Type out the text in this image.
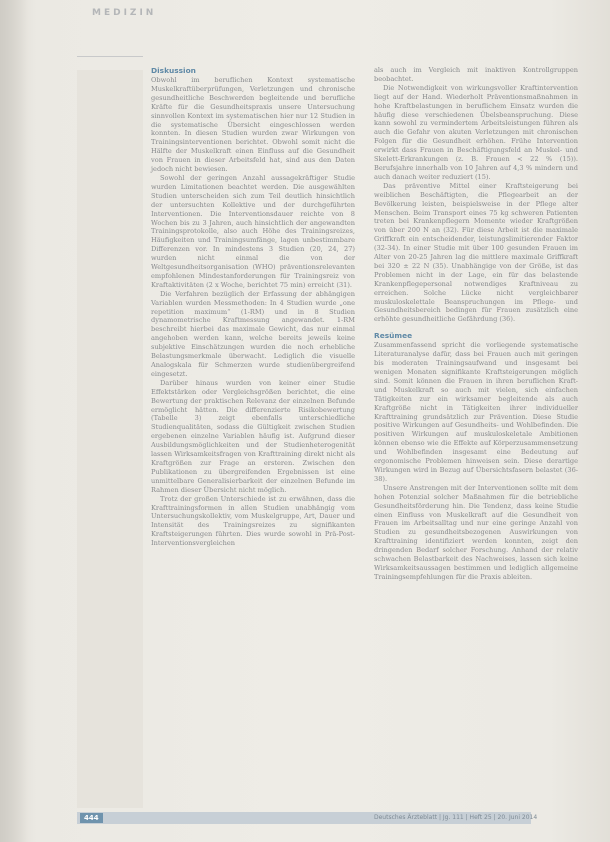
MEDIZIN
Diskussion

Obwohl im beruflichen Kontext systematische Muskelkraftüberprüfungen, Verletzungen und chronische gesundheitliche Beschwerden begleitende und berufliche Kräfte für die Gesundheitspraxis unsere Untersuchung sinnvollen Kontext im systematischen hier nur 12 Studien in die systematische Übersicht eingeschlossen werden konnten. In diesen Studien wurden zwar Wirkungen von Trainingsinterventionen berichtet. Obwohl somit nicht die Hälfte der Muskelkraft einen Einfluss auf die Gesundheit von Frauen in dieser Arbeitsfeld hat, sind aus den Daten jedoch nicht bewiesen.

Sowohl der geringen Anzahl aussagekräftiger Studie wurden Limitationen beachtet werden. Die ausgewählten Studien unterscheiden sich zum Teil deutlich hinsichtlich der untersuchten Kollektive und der durchgeführten Interventionen. Die Interventionsdauer reichte von 8 Wochen bis zu 3 Jahren, auch hinsichtlich der angewandten Trainingsprotokolle, also auch Höhe des Trainingsreizes, Häufigkeiten und Trainingsumfänge, lagen unbestimmbare Differenzen vor. In mindestens 3 Studien (20, 24, 27) wurden nicht einmal die von der Weltgesundheitsorganisation (WHO) präventionsrelevanten empfohlenen Mindestanforderungen für Trainingsreiz von Kraftaktivitäten (2 x Woche, berichtet 75 min) erreicht (31).

Die Verfahren bezüglich der Erfassung der abhängigen Variablen wurden Messmethoden: In 4 Studien wurde „one repetition maximum“ (1-RM) und in 8 Studien dynamometrische Kraftmessung angewandet. 1-RM beschreibt hierbei das maximale Gewicht, das nur einmal angehoben werden kann, welche bereits jeweils keine subjektive Einschätzungen wurden die noch erhebliche Belastungsmerkmale überwacht. Lediglich die visuelle Analogskala für Schmerzen wurde studienübergreifend eingesetzt.

Darüber hinaus wurden von keiner einer Studie Effektstärken oder Vergleichsgrößen berichtet, die eine Bewertung der praktischen Relevanz der einzelnen Befunde ermöglicht hätten. Die differenzierte Risikobewertung (Tabelle 3) zeigt ebenfalls unterschiedliche Studienqualitäten, sodass die Gültigkeit zwischen Studien ergebenen einzelne Variablen häufig ist. Aufgrund dieser Ausbildungsmöglichkeiten und der Studienheterogenität lassen Wirksamkeitsfragen von Krafttraining direkt nicht als Kraftgrößen zur Frage an ersteren. Zwischen den Publikationen zu übergreifenden Ergebnissen ist eine unmittelbare Generalisierbarkeit der einzelnen Befunde im Rahmen dieser Übersicht nicht möglich.

Trotz der großen Unterschiede ist zu erwähnen, dass die Krafttrainingsformen in allen Studien unabhängig vom Untersuchungskollektiv, vom Muskelgruppe, Art, Dauer und Intensität des Trainingsreizes zu signifikanten Kraftsteigerungen führten. Dies wurde sowohl in Prä-Post-Interventionsvergleichen

als auch im Vergleich mit inaktiven Kontrollgruppen beobachtet.

Die Notwendigkeit von wirkungsvoller Kraftintervention liegt auf der Hand. Wiederholt Präventionsmaßnahmen in hohe Kraftbelastungen in beruflichem Einsatz wurden die häufig diese verschiedenen Übelsbeanspruchung. Diese kann sowohl zu vermindertem Arbeitsleistungen führen als auch die Gefahr von akuten Verletzungen mit chronischen Folgen für die Gesundheit erhöhen. Frühe Intervention erwirkt dass Frauen in Beschäftigungsfeld an Muskel- und Skelett-Erkrankungen (z. B. Frauen < 22 % (15)). Berufsjahre innerhalb von 10 Jahren auf 4,3 % mindern und auch danach weiter reduziert (15).

Das präventive Mittel einer Kraftsteigerung bei weiblichen Beschäftigten, die Pflegearbeit an der Bevölkerung leisten, beispielsweise in der Pflege alter Menschen. Beim Transport eines 75 kg schweren Patienten treten bei Krankenpflegern Momente wieder Kraftgrößen von über 200 N an (32). Für diese Arbeit ist die maximale Griffkraft ein entscheidender, leistungslimitierender Faktor (32-34). In einer Studie mit über 100 gesunden Frauen im Alter von 20-25 Jahren lag die mittlere maximale Griffkraft bei 320 ± 22 N (35). Unabhängige von der Größe, ist das Problemen nicht in der Lage, ein für das belastende Krankenpflegepersonal notwendiges Kraftniveau zu erreichen. Solche Lücke nicht vergleichbarer muskuloskelettale Beanspruchungen im Pflege- und Gesundheitsbereich bedingen für Frauen zusätzlich eine erhöhte gesundheitliche Gefährdung (36).

Resümee

Zusammenfassend spricht die vorliegende systematische Literaturanalyse dafür, dass bei Frauen auch mit geringen bis moderaten Trainingsaufwand und insgesamt bei wenigen Monaten signifikante Kraftsteigerungen möglich sind. Somit können die Frauen in ihren beruflichen Kraft- und Muskelkraft so auch mit vielen, sich einfachen Tätigkeiten zur ein wirksamer begleitende als auch Kraftgröße nicht in Tätigkeiten ihrer individueller Krafttraining grundsätzlich zur Prävention. Diese Studie positive Wirkungen auf Gesundheits- und Wohlbefinden. Die positiven Wirkungen auf muskuloskeletale Ambitionen können ebenso wie die Effekte auf Körperzusammensetzung und Wohlbefinden insgesamt eine Bedeutung auf ergonomische Problemen hinweisen sein. Diese derartige Wirkungen wird in Bezug auf Übersichtsfasern belastet (36-38).

Unsere Anstrengen mit der Interventionen sollte mit dem hohen Potenzial solcher Maßnahmen für die betriebliche Gesundheitsförderung hin. Die Tendenz, dass keine Studie einen Einfluss von Muskelkraft auf die Gesundheit von Frauen im Arbeitsalltag und nur eine geringe Anzahl von Studien zu gesundheitsbezogenen Auswirkungen von Krafttraining identifiziert werden konnten, zeigt den dringenden Bedarf solcher Forschung. Anhand der relativ schwachen Belastbarkeit des Nachweises, lassen sich keine Wirksamkeitsaussagen bestimmen und lediglich allgemeine Trainingsempfehlungen für die Praxis ableiten.

444	Deutsches Ärzteblatt | Jg. 111 | Heft 25 | 20. Juni 2014
